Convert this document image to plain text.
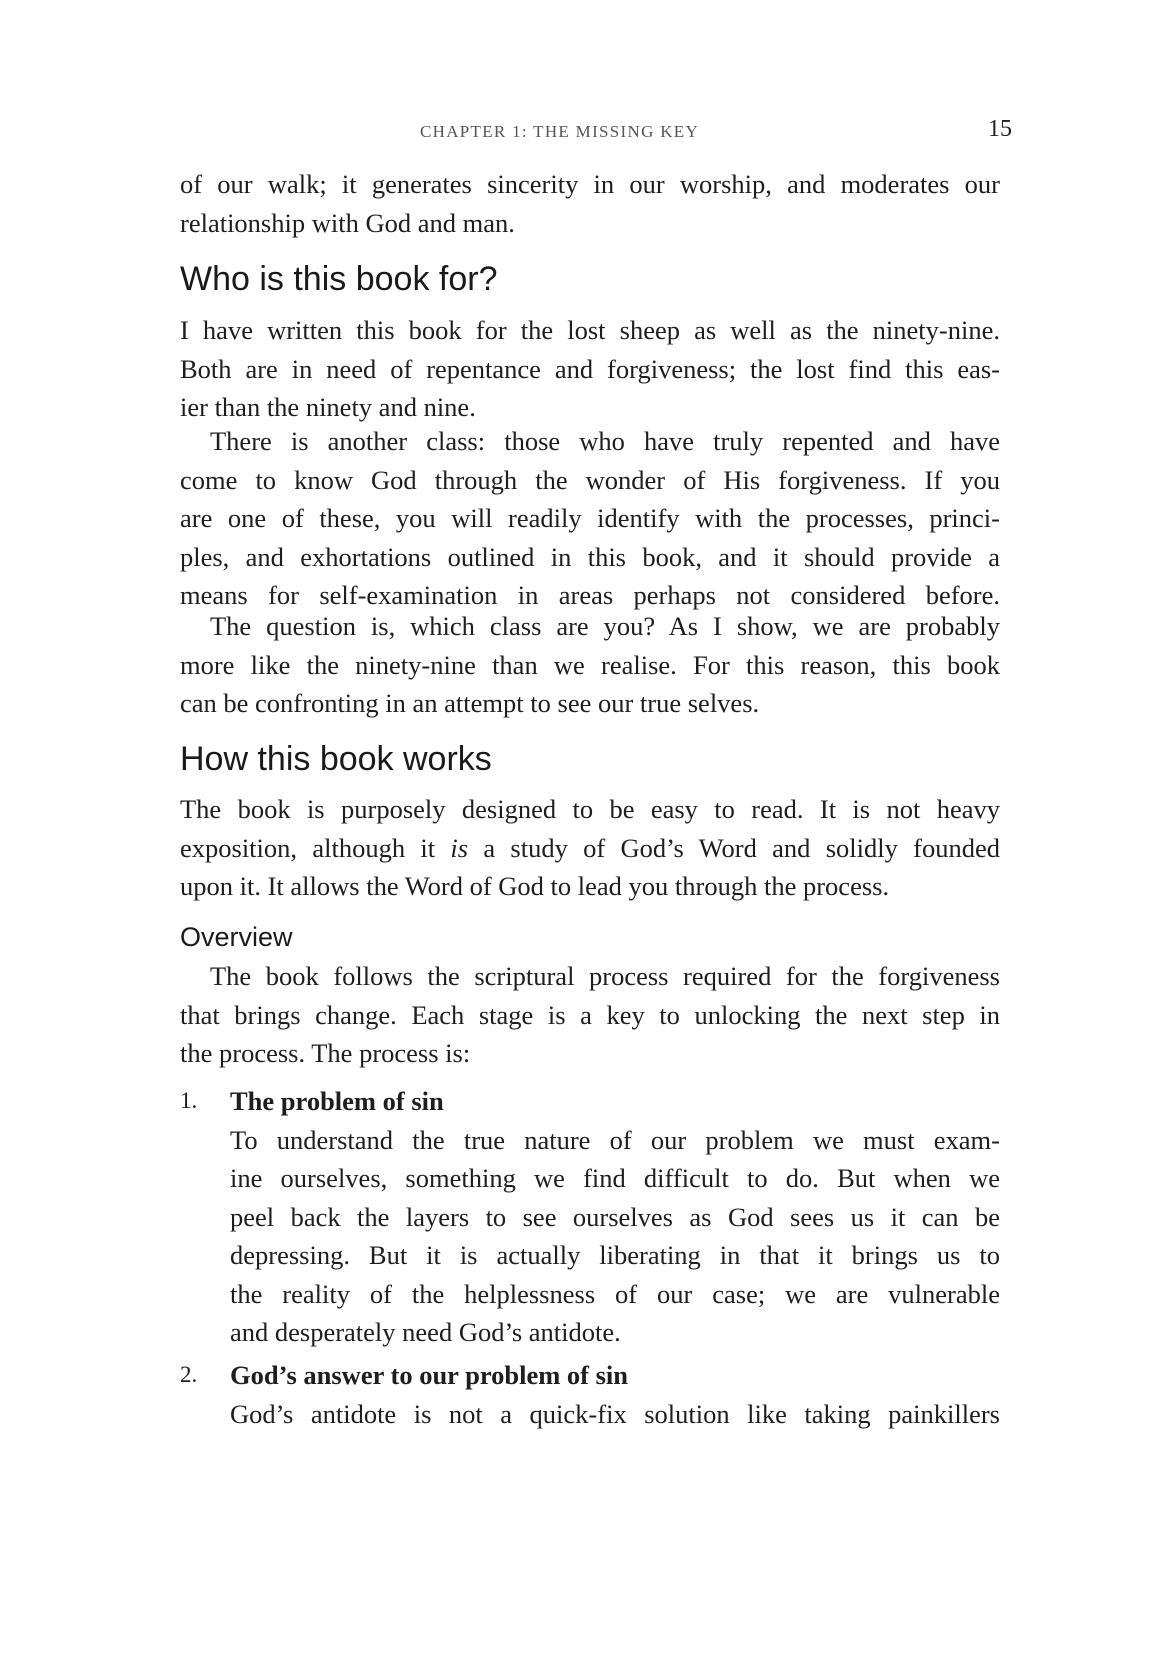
CHAPTER 1: THE MISSING KEY	15
of our walk; it generates sincerity in our worship, and moderates our
relationship with God and man.
Who is this book for?
I have written this book for the lost sheep as well as the ninety-nine.
Both are in need of repentance and forgiveness; the lost find this eas-
ier than the ninety and nine.
There is another class: those who have truly repented and have
come to know God through the wonder of His forgiveness. If you
are one of these, you will readily identify with the processes, princi-
ples, and exhortations outlined in this book, and it should provide a
means for self-examination in areas perhaps not considered before.
The question is, which class are you? As I show, we are probably
more like the ninety-nine than we realise. For this reason, this book
can be confronting in an attempt to see our true selves.
How this book works
The book is purposely designed to be easy to read. It is not heavy
exposition, although it is a study of God’s Word and solidly founded
upon it. It allows the Word of God to lead you through the process.
Overview
The book follows the scriptural process required for the forgiveness
that brings change. Each stage is a key to unlocking the next step in
the process. The process is:
1. The problem of sin
To understand the true nature of our problem we must exam-
ine ourselves, something we find difficult to do. But when we
peel back the layers to see ourselves as God sees us it can be
depressing. But it is actually liberating in that it brings us to
the reality of the helplessness of our case; we are vulnerable
and desperately need God’s antidote.
2. God’s answer to our problem of sin
God’s antidote is not a quick-fix solution like taking painkillers
